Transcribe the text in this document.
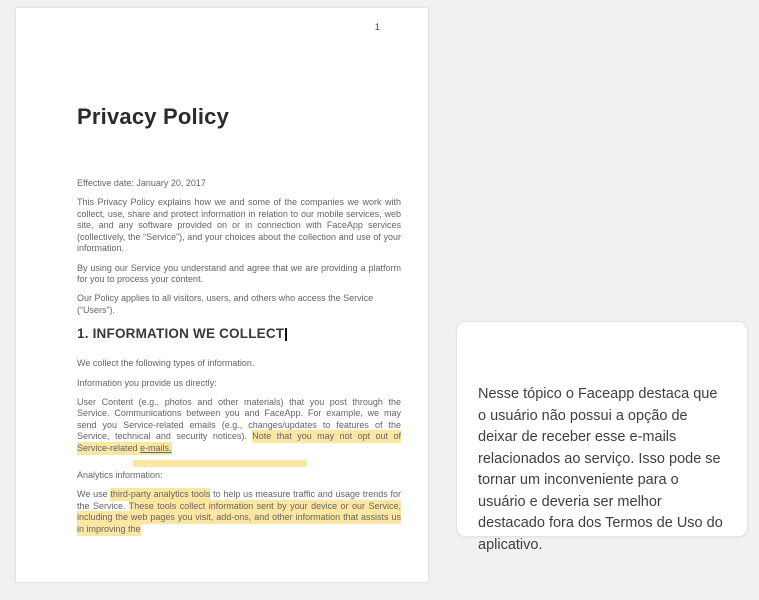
1
Privacy Policy

Effective date: January 20, 2017

This Privacy Policy explains how we and some of the companies we work with collect, use, share and protect information in relation to our mobile services, web site, and any software provided on or in connection with FaceApp services (collectively, the “Service”), and your choices about the collection and use of your information.

By using our Service you understand and agree that we are providing a platform for you to process your content.

Our Policy applies to all visitors, users, and others who access the Service (“Users”).

1. INFORMATION WE COLLECT

We collect the following types of information.

Information you provide us directly:

User Content (e.g., photos and other materials) that you post through the Service. Communications between you and FaceApp. For example, we may send you Service-related emails (e.g., changes/updates to features of the Service, technical and security notices). Note that you may not opt out of Service-related e-mails.

Analytics information:

We use third-party analytics tools to help us measure traffic and usage trends for the Service. These tools collect information sent by your device or our Service, including the web pages you visit, add-ons, and other information that assists us in improving the

Nesse tópico o Faceapp destaca que o usuário não possui a opção de deixar de receber esse e-mails relacionados ao serviço. Isso pode se tornar um inconveniente para o usuário e deveria ser melhor destacado fora dos Termos de Uso do aplicativo.
